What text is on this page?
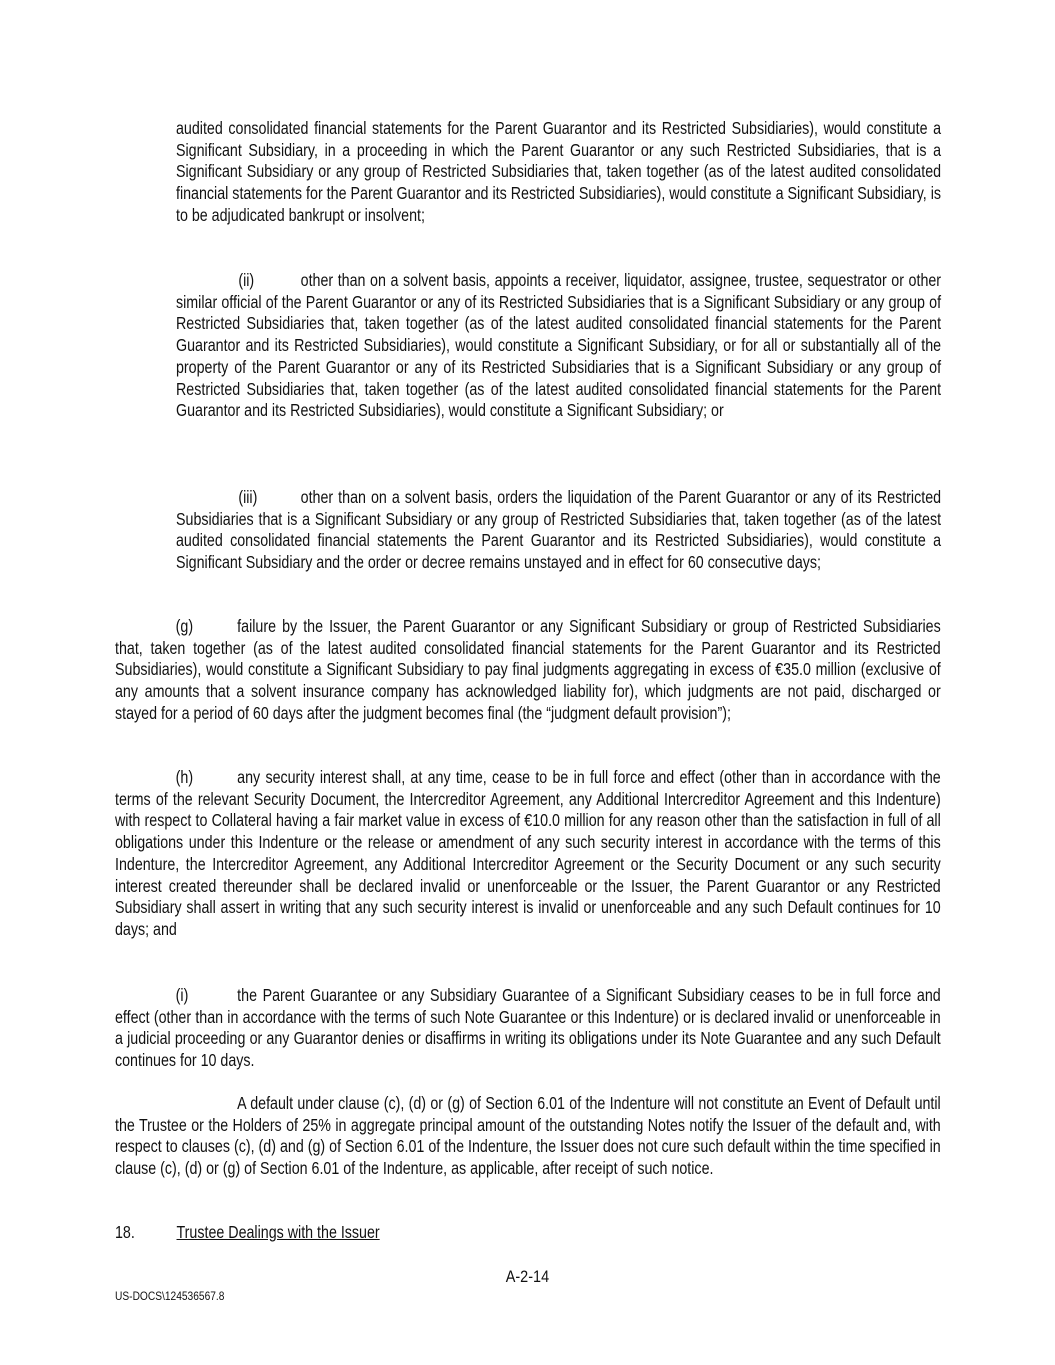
audited consolidated financial statements for the Parent Guarantor and its Restricted Subsidiaries), would constitute a Significant Subsidiary, in a proceeding in which the Parent Guarantor or any such Restricted Subsidiaries, that is a Significant Subsidiary or any group of Restricted Subsidiaries that, taken together (as of the latest audited consolidated financial statements for the Parent Guarantor and its Restricted Subsidiaries), would constitute a Significant Subsidiary, is to be adjudicated bankrupt or insolvent;

(ii)	other than on a solvent basis, appoints a receiver, liquidator, assignee, trustee, sequestrator or other similar official of the Parent Guarantor or any of its Restricted Subsidiaries that is a Significant Subsidiary or any group of Restricted Subsidiaries that, taken together (as of the latest audited consolidated financial statements for the Parent Guarantor and its Restricted Subsidiaries), would constitute a Significant Subsidiary, or for all or substantially all of the property of the Parent Guarantor or any of its Restricted Subsidiaries that is a Significant Subsidiary or any group of Restricted Subsidiaries that, taken together (as of the latest audited consolidated financial statements for the Parent Guarantor and its Restricted Subsidiaries), would constitute a Significant Subsidiary; or

(iii) other than on a solvent basis, orders the liquidation of the Parent Guarantor or any of its Restricted Subsidiaries that is a Significant Subsidiary or any group of Restricted Subsidiaries that, taken together (as of the latest audited consolidated financial statements the Parent Guarantor and its Restricted Subsidiaries), would constitute a Significant Subsidiary and the order or decree remains unstayed and in effect for 60 consecutive days;

(g)	failure by the Issuer, the Parent Guarantor or any Significant Subsidiary or group of Restricted Subsidiaries that, taken together (as of the latest audited consolidated financial statements for the Parent Guarantor and its Restricted Subsidiaries), would constitute a Significant Subsidiary to pay final judgments aggregating in excess of €35.0 million (exclusive of any amounts that a solvent insurance company has acknowledged liability for), which judgments are not paid, discharged or stayed for a period of 60 days after the judgment becomes final (the “judgment default provision”);

(h)	any security interest shall, at any time, cease to be in full force and effect (other than in accordance with the terms of the relevant Security Document, the Intercreditor Agreement, any Additional Intercreditor Agreement and this Indenture) with respect to Collateral having a fair market value in excess of €10.0 million for any reason other than the satisfaction in full of all obligations under this Indenture or the release or amendment of any such security interest in accordance with the terms of this Indenture, the Intercreditor Agreement, any Additional Intercreditor Agreement or the Security Document or any such security interest created thereunder shall be declared invalid or unenforceable or the Issuer, the Parent Guarantor or any Restricted Subsidiary shall assert in writing that any such security interest is invalid or unenforceable and any such Default continues for 10 days; and

(i)	the Parent Guarantee or any Subsidiary Guarantee of a Significant Subsidiary ceases to be in full force and effect (other than in accordance with the terms of such Note Guarantee or this Indenture) or is declared invalid or unenforceable in a judicial proceeding or any Guarantor denies or disaffirms in writing its obligations under its Note Guarantee and any such Default continues for 10 days.

A default under clause (c), (d) or (g) of Section 6.01 of the Indenture will not constitute an Event of Default until the Trustee or the Holders of 25% in aggregate principal amount of the outstanding Notes notify the Issuer of the default and, with respect to clauses (c), (d) and (g) of Section 6.01 of the Indenture, the Issuer does not cure such default within the time specified in clause (c), (d) or (g) of Section 6.01 of the Indenture, as applicable, after receipt of such notice.

18. Trustee Dealings with the Issuer
A-2-14
US-DOCS\124536567.8
